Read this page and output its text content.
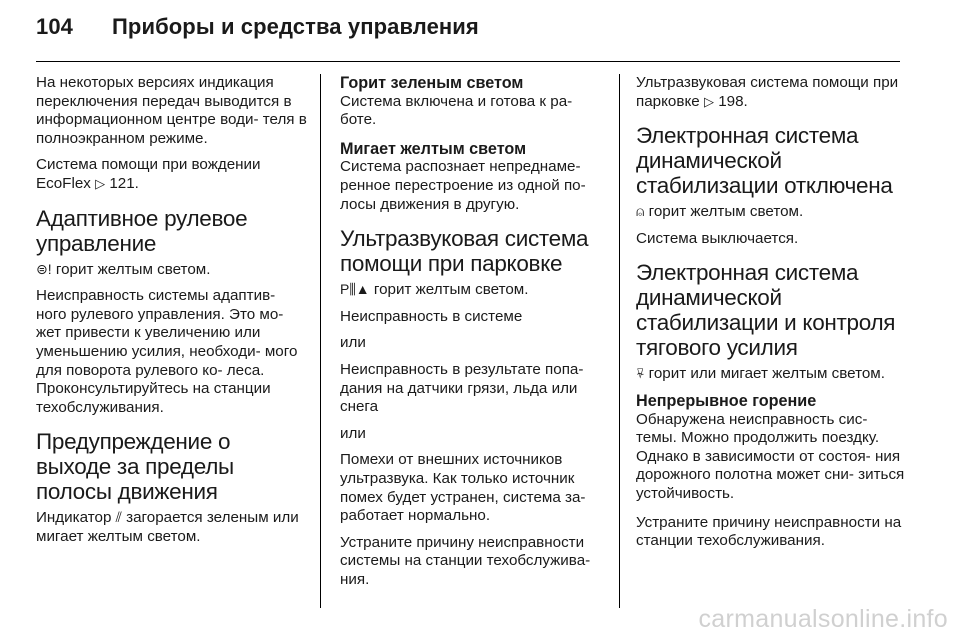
104 Приборы и средства управления

На некоторых версиях индикация переключения передач выводится в информационном центре води- теля в полноэкранном режиме.

Система помощи при вождении EcoFlex ▷ 121.

Адаптивное рулевое управление

⊜! горит желтым светом.

Неисправность системы адаптив- ного рулевого управления. Это мо- жет привести к увеличению или уменьшению усилия, необходи- мого для поворота рулевого ко- леса. Проконсультируйтесь на станции техобслуживания.

Предупреждение о выходе за пределы полосы движения

Индикатор ⫽ загорается зеленым или мигает желтым светом.

Горит зеленым светом

Система включена и готова к ра- боте.

Мигает желтым светом

Система распознает непреднаме- ренное перестроение из одной по- лосы движения в другую.

Ультразвуковая система помощи при парковке

P⫼▲ горит желтым светом.

Неисправность в системе

или

Неисправность в результате попа- дания на датчики грязи, льда или снега

или

Помехи от внешних источников ультразвука. Как только источник помех будет устранен, система за- работает нормально.

Устраните причину неисправности системы на станции техобслужива- ния.

Ультразвуковая система помощи при парковке ▷ 198.

Электронная система динамической стабилизации отключена

⍝ горит желтым светом.

Система выключается.

Электронная система динамической стабилизации и контроля тягового усилия

⍫ горит или мигает желтым светом.

Непрерывное горение

Обнаружена неисправность сис- темы. Можно продолжить поездку. Однако в зависимости от состоя- ния дорожного полотна может сни- зиться устойчивость.

Устраните причину неисправности на станции техобслуживания.

carmanualsonline.info
